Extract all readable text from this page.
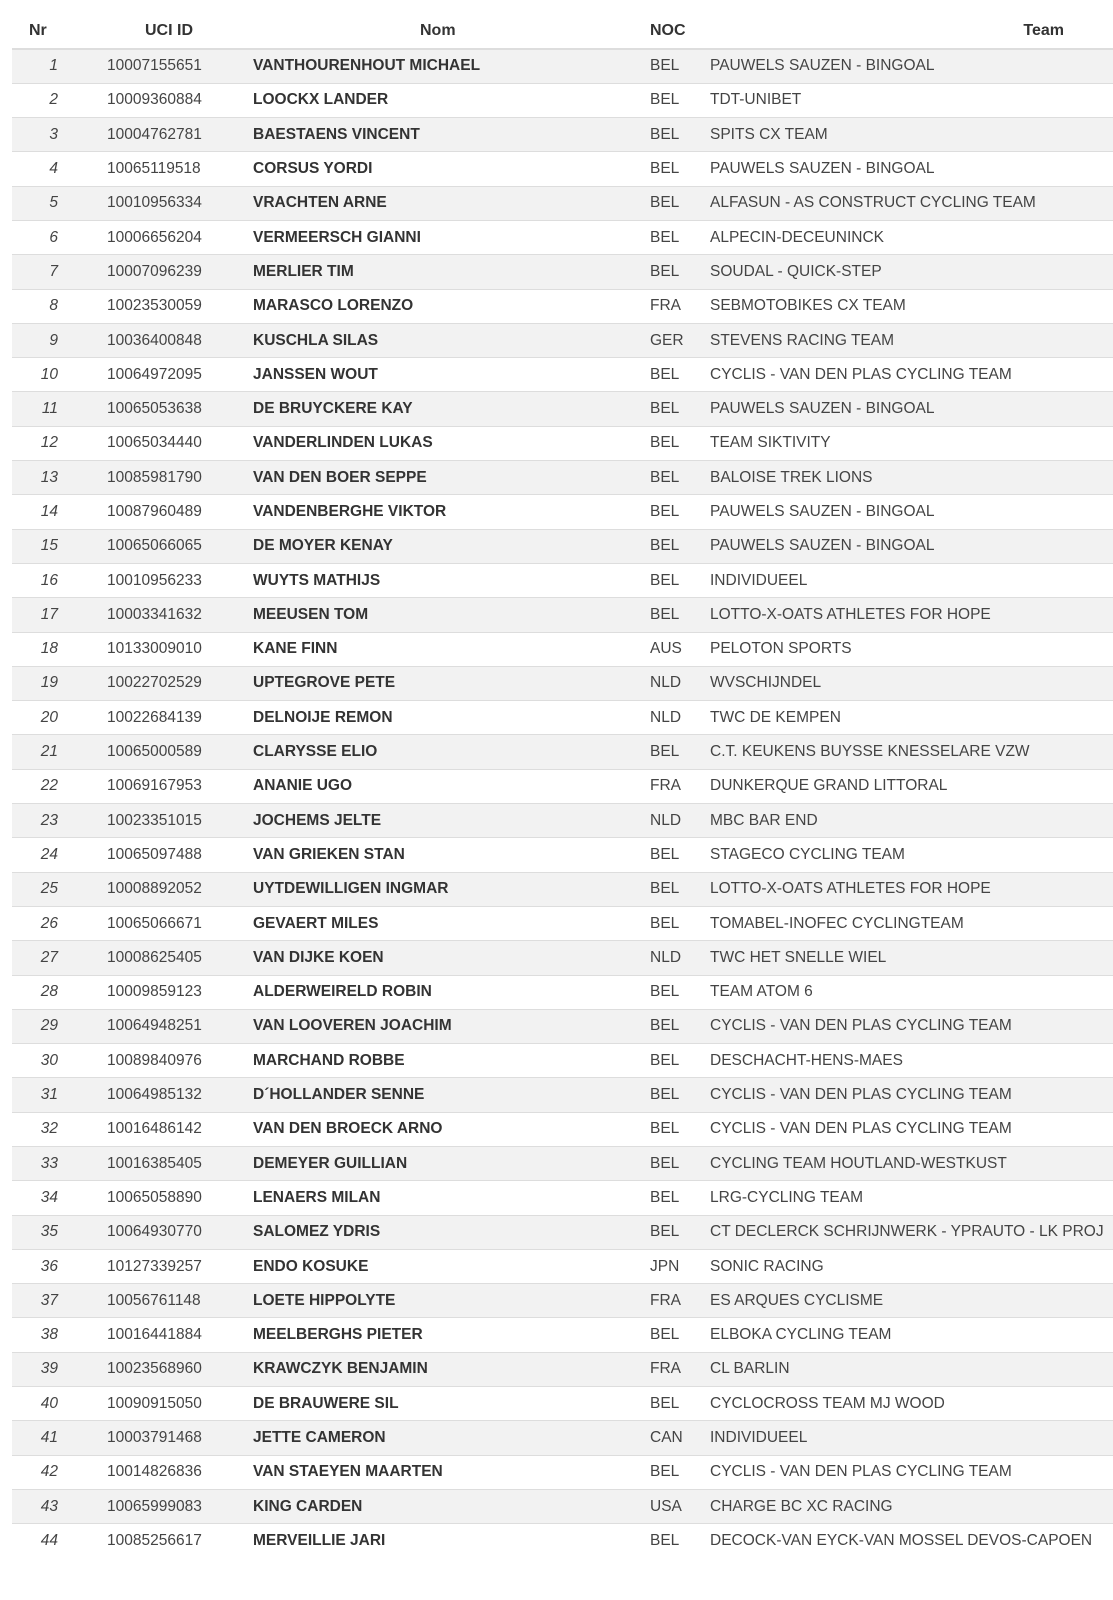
Nr	UCI ID	Nom	NOC	Team
1	10007155651	VANTHOURENHOUT MICHAEL	BEL	PAUWELS SAUZEN - BINGOAL
2	10009360884	LOOCKX LANDER	BEL	TDT-UNIBET
3	10004762781	BAESTAENS VINCENT	BEL	SPITS CX TEAM
4	10065119518	CORSUS YORDI	BEL	PAUWELS SAUZEN - BINGOAL
5	10010956334	VRACHTEN ARNE	BEL	ALFASUN - AS CONSTRUCT CYCLING TEAM
6	10006656204	VERMEERSCH GIANNI	BEL	ALPECIN-DECEUNINCK
7	10007096239	MERLIER TIM	BEL	SOUDAL - QUICK-STEP
8	10023530059	MARASCO LORENZO	FRA	SEBMOTOBIKES CX TEAM
9	10036400848	KUSCHLA SILAS	GER	STEVENS RACING TEAM
10	10064972095	JANSSEN WOUT	BEL	CYCLIS - VAN DEN PLAS CYCLING TEAM
11	10065053638	DE BRUYCKERE KAY	BEL	PAUWELS SAUZEN - BINGOAL
12	10065034440	VANDERLINDEN LUKAS	BEL	TEAM SIKTIVITY
13	10085981790	VAN DEN BOER SEPPE	BEL	BALOISE TREK LIONS
14	10087960489	VANDENBERGHE VIKTOR	BEL	PAUWELS SAUZEN - BINGOAL
15	10065066065	DE MOYER KENAY	BEL	PAUWELS SAUZEN - BINGOAL
16	10010956233	WUYTS MATHIJS	BEL	INDIVIDUEEL
17	10003341632	MEEUSEN TOM	BEL	LOTTO-X-OATS ATHLETES FOR HOPE
18	10133009010	KANE FINN	AUS	PELOTON SPORTS
19	10022702529	UPTEGROVE PETE	NLD	WVSCHIJNDEL
20	10022684139	DELNOIJE REMON	NLD	TWC DE KEMPEN
21	10065000589	CLARYSSE ELIO	BEL	C.T. KEUKENS BUYSSE KNESSELARE VZW
22	10069167953	ANANIE UGO	FRA	DUNKERQUE GRAND LITTORAL
23	10023351015	JOCHEMS JELTE	NLD	MBC BAR END
24	10065097488	VAN GRIEKEN STAN	BEL	STAGECO CYCLING TEAM
25	10008892052	UYTDEWILLIGEN INGMAR	BEL	LOTTO-X-OATS ATHLETES FOR HOPE
26	10065066671	GEVAERT MILES	BEL	TOMABEL-INOFEC CYCLINGTEAM
27	10008625405	VAN DIJKE KOEN	NLD	TWC HET SNELLE WIEL
28	10009859123	ALDERWEIRELD ROBIN	BEL	TEAM ATOM 6
29	10064948251	VAN LOOVEREN JOACHIM	BEL	CYCLIS - VAN DEN PLAS CYCLING TEAM
30	10089840976	MARCHAND ROBBE	BEL	DESCHACHT-HENS-MAES
31	10064985132	D´HOLLANDER SENNE	BEL	CYCLIS - VAN DEN PLAS CYCLING TEAM
32	10016486142	VAN DEN BROECK ARNO	BEL	CYCLIS - VAN DEN PLAS CYCLING TEAM
33	10016385405	DEMEYER GUILLIAN	BEL	CYCLING TEAM HOUTLAND-WESTKUST
34	10065058890	LENAERS MILAN	BEL	LRG-CYCLING TEAM
35	10064930770	SALOMEZ YDRIS	BEL	CT DECLERCK SCHRIJNWERK - YPRAUTO - LK PROJ
36	10127339257	ENDO KOSUKE	JPN	SONIC RACING
37	10056761148	LOETE HIPPOLYTE	FRA	ES ARQUES CYCLISME
38	10016441884	MEELBERGHS PIETER	BEL	ELBOKA CYCLING TEAM
39	10023568960	KRAWCZYK BENJAMIN	FRA	CL BARLIN
40	10090915050	DE BRAUWERE SIL	BEL	CYCLOCROSS TEAM MJ WOOD
41	10003791468	JETTE CAMERON	CAN	INDIVIDUEEL
42	10014826836	VAN STAEYEN MAARTEN	BEL	CYCLIS - VAN DEN PLAS CYCLING TEAM
43	10065999083	KING CARDEN	USA	CHARGE BC XC RACING
44	10085256617	MERVEILLIE JARI	BEL	DECOCK-VAN EYCK-VAN MOSSEL DEVOS-CAPOEN
